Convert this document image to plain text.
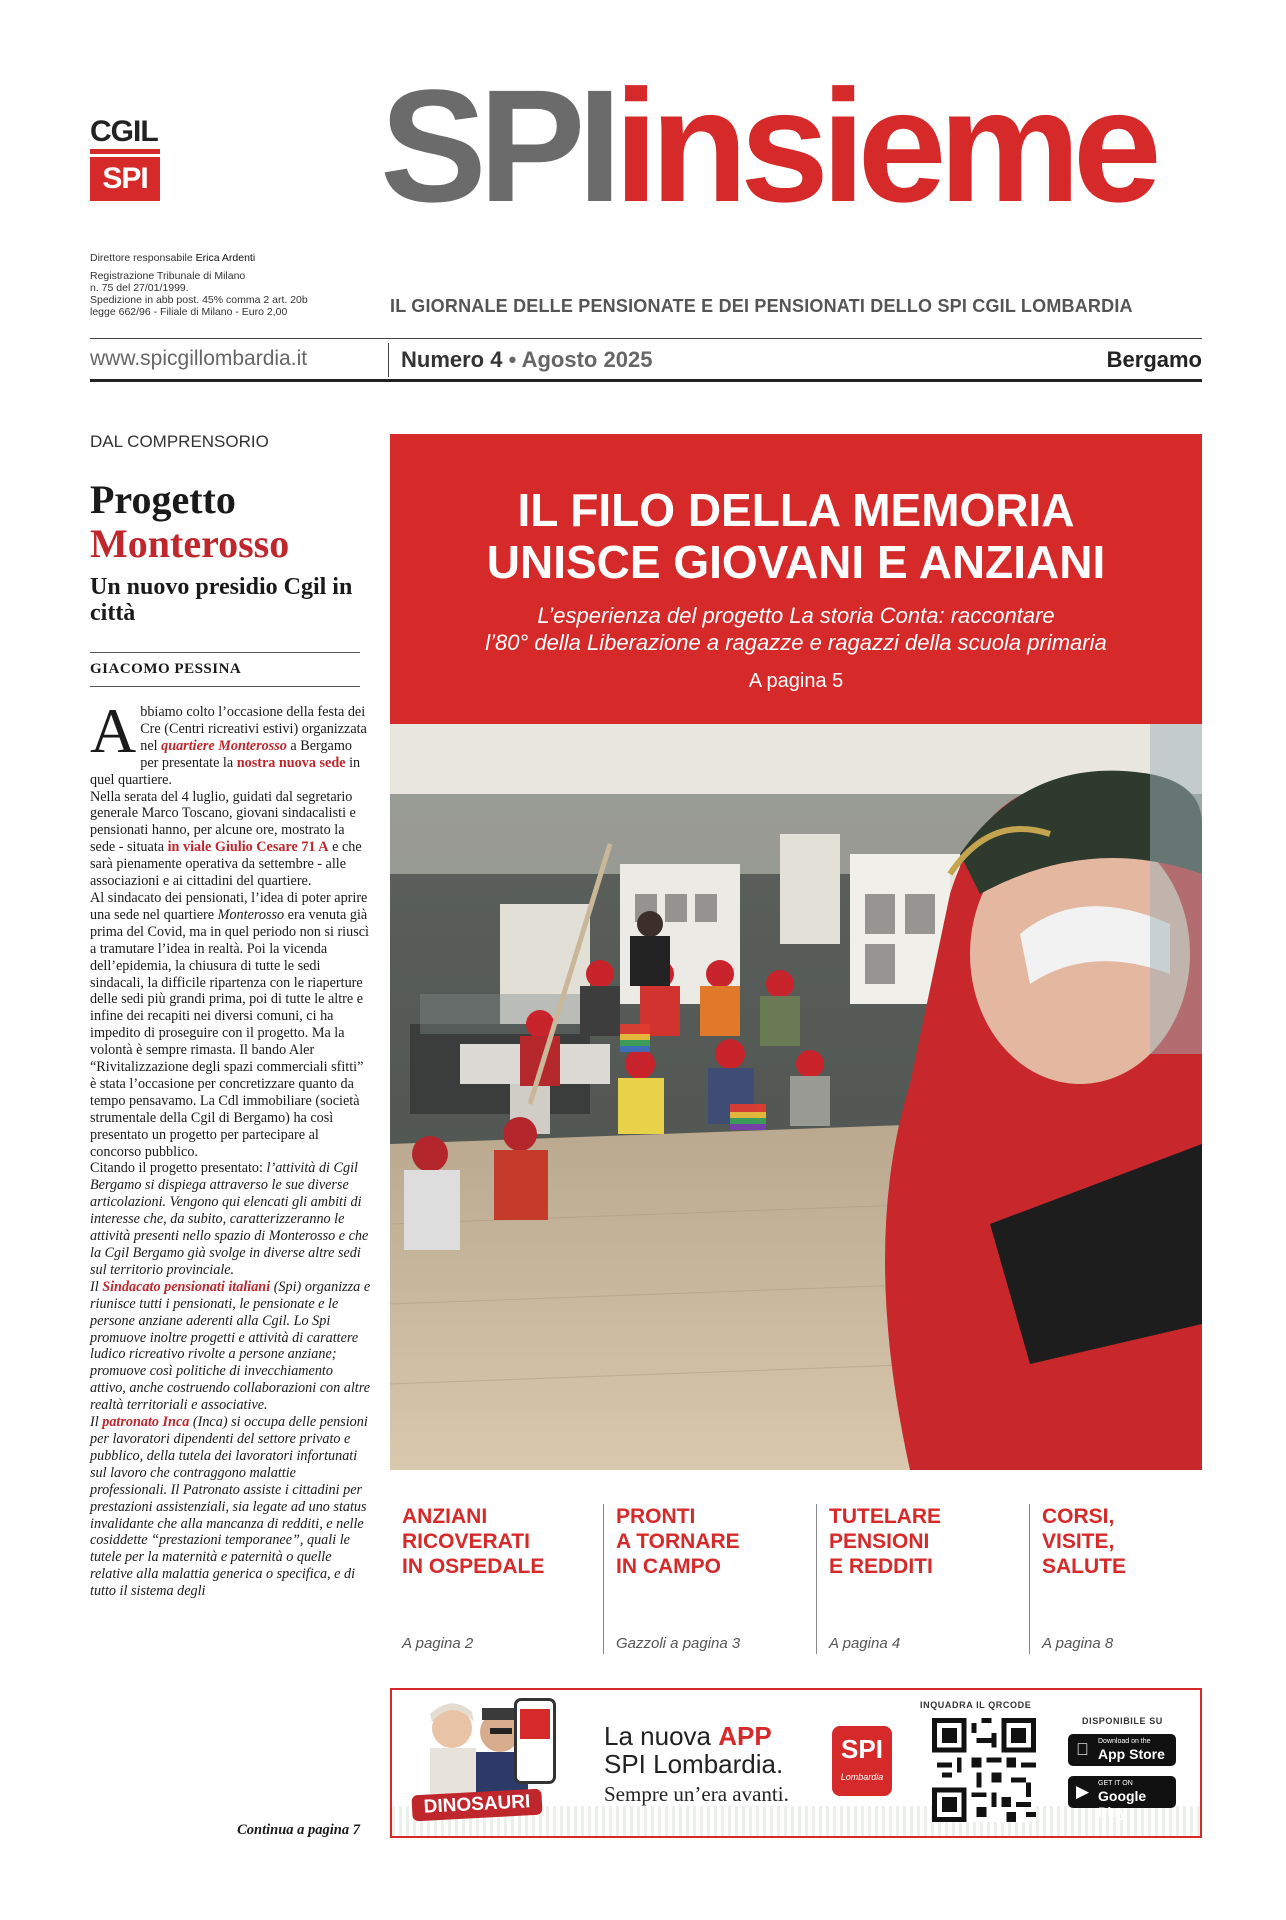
CGIL
SPI SPIinsieme
Direttore responsabile Erica Ardenti
Registrazione Tribunale di Milano
n. 75 del 27/01/1999.
Spedizione in abb post. 45% comma 2 art. 20b
legge 662/96 - Filiale di Milano - Euro 2,00	IL GIORNALE DELLE PENSIONATE E DEI PENSIONATI DELLO SPI CGIL LOMBARDIA
www.spicgillombardia.it	Numero 4 • Agosto 2025	Bergamo
DAL COMPRENSORIO
Progetto
Monterosso
Un nuovo presidio Cgil in città
GIACOMO PESSINA

Abbiamo colto l’occasione della festa dei Cre (Centri ricreativi estivi) organizzata nel quartiere Monterosso a Bergamo per presentate la nostra nuova sede in quel quartiere.

Nella serata del 4 luglio, guidati dal segretario generale Marco Toscano, giovani sindacalisti e pensionati hanno, per alcune ore, mostrato la sede - situata in viale Giulio Cesare 71 A e che sarà pienamente operativa da settembre - alle associazioni e ai cittadini del quartiere.

Al sindacato dei pensionati, l’idea di poter aprire una sede nel quartiere Monterosso era venuta già prima del Covid, ma in quel periodo non si riuscì a tramutare l’idea in realtà. Poi la vicenda dell’epidemia, la chiusura di tutte le sedi sindacali, la difficile ripartenza con le riaperture delle sedi più grandi prima, poi di tutte le altre e infine dei recapiti nei diversi comuni, ci ha impedito di proseguire con il progetto. Ma la volontà è sempre rimasta. Il bando Aler “Rivitalizzazione degli spazi commerciali sfitti” è stata l’occasione per concretizzare quanto da tempo pensavamo. La Cdl immobiliare (società strumentale della Cgil di Bergamo) ha così presentato un progetto per partecipare al concorso pubblico.

Citando il progetto presentato: l’attività di Cgil Bergamo si dispiega attraverso le sue diverse articolazioni. Vengono qui elencati gli ambiti di interesse che, da subito, caratterizzeranno le attività presenti nello spazio di Monterosso e che la Cgil Bergamo già svolge in diverse altre sedi sul territorio provinciale.

Il Sindacato pensionati italiani (Spi) organizza e riunisce tutti i pensionati, le pensionate e le persone anziane aderenti alla Cgil. Lo Spi promuove inoltre progetti e attività di carattere ludico ricreativo rivolte a persone anziane; promuove così politiche di invecchiamento attivo, anche costruendo collaborazioni con altre realtà territoriali e associative.

Il patronato Inca (Inca) si occupa delle pensioni per lavoratori dipendenti del settore privato e pubblico, della tutela dei lavoratori infortunati sul lavoro che contraggono malattie professionali. Il Patronato assiste i cittadini per prestazioni assistenziali, sia legate ad uno status invalidante che alla mancanza di redditi, e nelle cosiddette “prestazioni temporanee”, quali le tutele per la maternità e paternità o quelle relative alla malattia generica o specifica, e di tutto il sistema degli

Continua a pagina 7
IL FILO DELLA MEMORIA
UNISCE GIOVANI E ANZIANI
L’esperienza del progetto La storia Conta: raccontare
l’80° della Liberazione a ragazze e ragazzi della scuola primaria
A pagina 5
ANZIANI
RICOVERATI
IN OSPEDALE
A pagina 2
PRONTI
A TORNARE
IN CAMPO
Gazzoli a pagina 3
TUTELARE
PENSIONI
E REDDITI
A pagina 4
CORSI,
VISITE,
SALUTE
A pagina 8
DINOSAURI
La nuova APP
SPI Lombardia.
Sempre un’era avanti.
SPI
Lombardia
INQUADRA IL QRCODE
DISPONIBILE SU
Download on the
App Store
▶ GET IT ON
Google Play
